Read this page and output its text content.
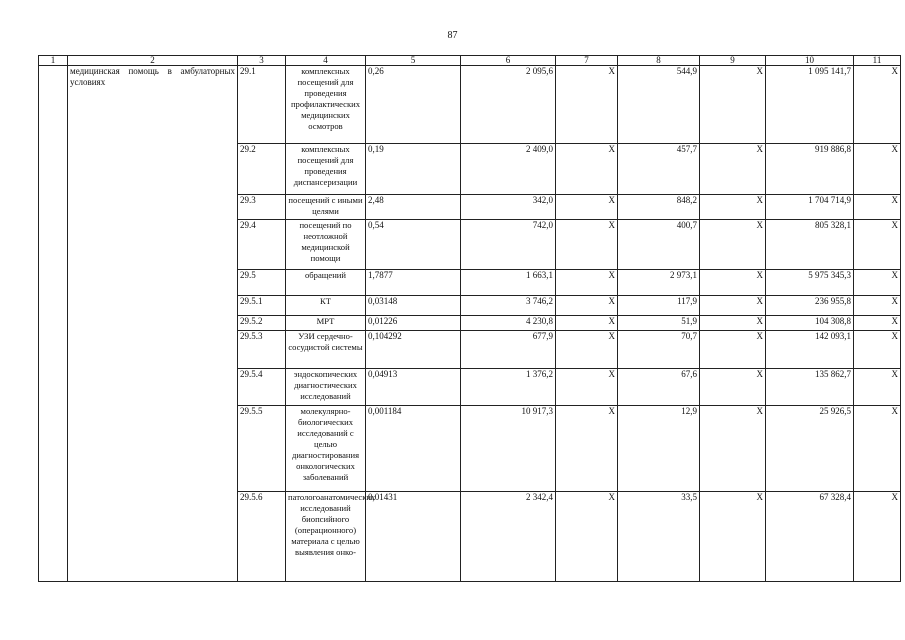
87
1	2	3	4	5	6	7	8	9	10	11
	медицинская помощь в амбулаторных условиях	29.1	комплексных посещений для проведения профилактических медицинских осмотров	0,26	2 095,6	X	544,9	X	1 095 141,7	X
		29.2	комплексных посещений для проведения диспансеризации	0,19	2 409,0	X	457,7	X	919 886,8	X
		29.3	посещений с иными целями	2,48	342,0	X	848,2	X	1 704 714,9	X
		29.4	посещений по неотложной медицинской помощи	0,54	742,0	X	400,7	X	805 328,1	X
		29.5	обращений	1,7877	1 663,1	X	2 973,1	X	5 975 345,3	X
		29.5.1	КТ	0,03148	3 746,2	X	117,9	X	236 955,8	X
		29.5.2	МРТ	0,01226	4 230,8	X	51,9	X	104 308,8	X
		29.5.3	УЗИ сердечно-сосудистой системы	0,104292	677,9	X	70,7	X	142 093,1	X
		29.5.4	эндоскопических диагностических исследований	0,04913	1 376,2	X	67,6	X	135 862,7	X
		29.5.5	молекулярно-биологических исследований с целью диагностирования онкологических заболеваний	0,001184	10 917,3	X	12,9	X	25 926,5	X
		29.5.6	патологоанатомических исследований биопсийного (операционного) материала с целью выявления онко-	0,01431	2 342,4	X	33,5	X	67 328,4	X
